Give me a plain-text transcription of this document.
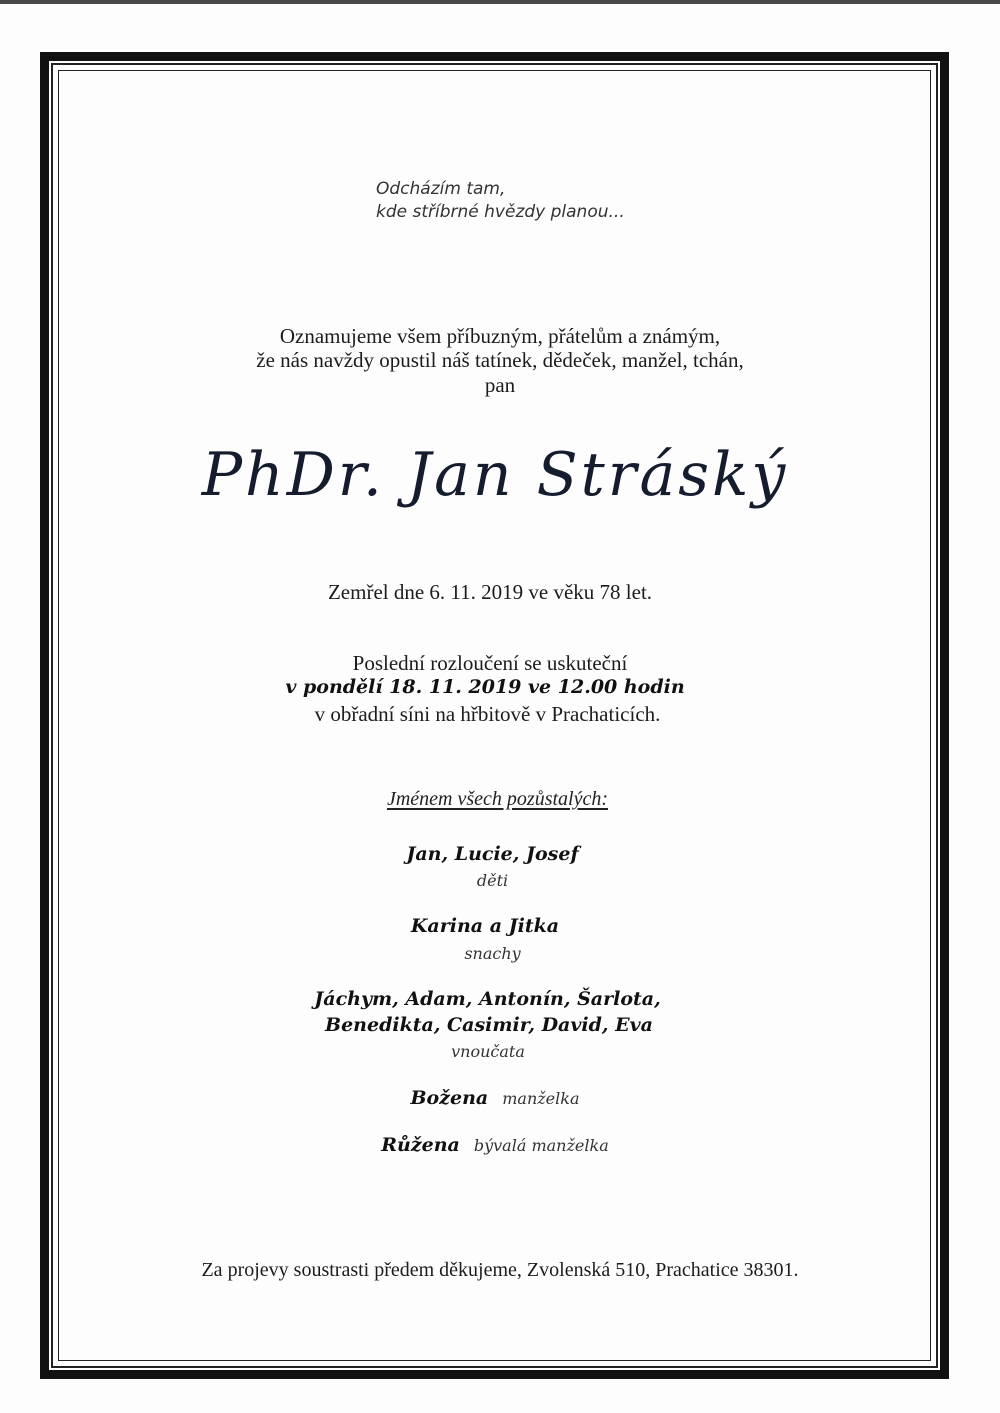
Odcházím tam,
kde stříbrné hvězdy planou...
Oznamujeme všem příbuzným, přátelům a známým,
že nás navždy opustil náš tatínek, dědeček, manžel, tchán,
pan
PhDr. Jan Stráský
Zemřel dne 6. 11. 2019 ve věku 78 let.
Poslední rozloučení se uskuteční
v pondělí 18. 11. 2019 ve 12.00 hodin
v obřadní síni na hřbitově v Prachaticích.
Jménem všech pozůstalých:
Jan, Lucie, Josef
děti
Karina a Jitka
snachy
Jáchym, Adam, Antonín, Šarlota,
Benedikta, Casimir, David, Eva
vnoučata
Božena manželka
Růžena bývalá manželka
Za projevy soustrasti předem děkujeme, Zvolenská 510, Prachatice 38301.
